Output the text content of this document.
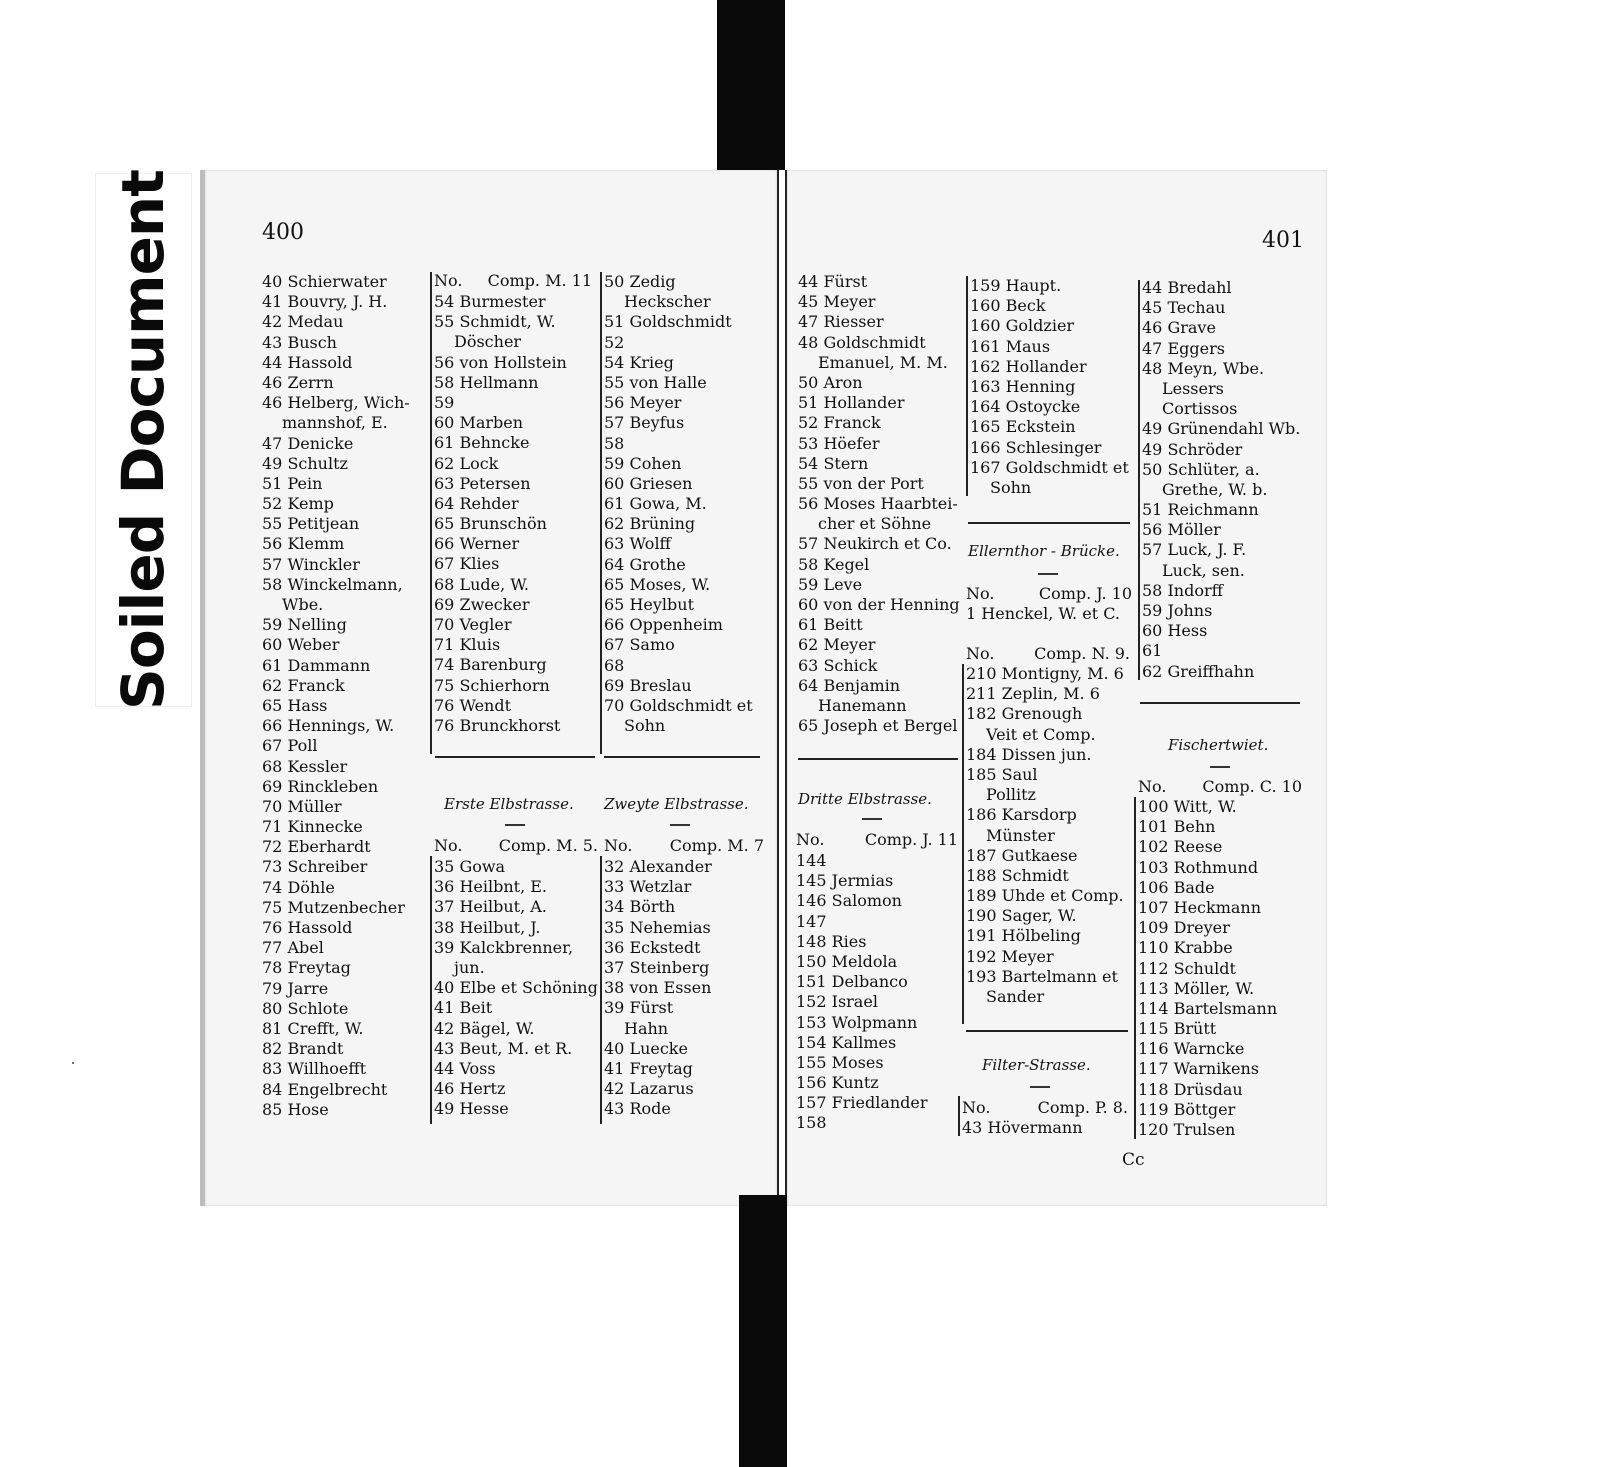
Soiled Document	400	401
40 Schierwater
41 Bouvry, J. H.
42 Medau
43 Busch
44 Hassold
46 Zerrn
46 Helberg, Wich-
mannshof, E.
47 Denicke
49 Schultz
51 Pein
52 Kemp
55 Petitjean
56 Klemm
57 Winckler
58 Winckelmann,
Wbe.
59 Nelling
60 Weber
61 Dammann
62 Franck
65 Hass
66 Hennings, W.
67 Poll
68 Kessler
69 Rinckleben
70 Müller
71 Kinnecke
72 Eberhardt
73 Schreiber
74 Döhle
75 Mutzenbecher
76 Hassold
77 Abel
78 Freytag
79 Jarre
80 Schlote
81 Crefft, W.
82 Brandt
83 Willhoefft
84 Engelbrecht
85 Hose
No. Comp. M. 11
54 Burmester
55 Schmidt, W.
Döscher
56 von Hollstein
58 Hellmann
59
60 Marben
61 Behncke
62 Lock
63 Petersen
64 Rehder
65 Brunschön
66 Werner
67 Klies
68 Lude, W.
69 Zwecker
70 Vegler
71 Kluis
74 Barenburg
75 Schierhorn
76 Wendt
76 Brunckhorst
50 Zedig
Heckscher
51 Goldschmidt
52
54 Krieg
55 von Halle
56 Meyer
57 Beyfus
58
59 Cohen
60 Griesen
61 Gowa, M.
62 Brüning
63 Wolff
64 Grothe
65 Moses, W.
65 Heylbut
66 Oppenheim
67 Samo
68
69 Breslau
70 Goldschmidt et
Sohn
Erste Elbstrasse.
No. Comp. M. 5.
35 Gowa
36 Heilbnt, E.
37 Heilbut, A.
38 Heilbut, J.
39 Kalckbrenner,
jun.
40 Elbe et Schöning
41 Beit
42 Bägel, W.
43 Beut, M. et R.
44 Voss
46 Hertz
49 Hesse
Zweyte Elbstrasse.
No. Comp. M. 7
32 Alexander
33 Wetzlar
34 Börth
35 Nehemias
36 Eckstedt
37 Steinberg
38 von Essen
39 Fürst
Hahn
40 Luecke
41 Freytag
42 Lazarus
43 Rode
44 Fürst
45 Meyer
47 Riesser
48 Goldschmidt
Emanuel, M. M.
50 Aron
51 Hollander
52 Franck
53 Höefer
54 Stern
55 von der Port
56 Moses Haarbtei-
cher et Söhne
57 Neukirch et Co.
58 Kegel
59 Leve
60 von der Henning
61 Beitt
62 Meyer
63 Schick
64 Benjamin
Hanemann
65 Joseph et Bergel
Dritte Elbstrasse.
No.	Comp. J. 11
144
145 Jermias
146 Salomon
147
148 Ries
150 Meldola
151 Delbanco
152 Israel
153 Wolpmann
154 Kallmes
155 Moses
156 Kuntz
157 Friedlander
158
159 Haupt.
160 Beck
160 Goldzier
161 Maus
162 Hollander
163 Henning
164 Ostoycke
165 Eckstein
166 Schlesinger
167 Goldschmidt et
Sohn
Ellernthor - Brücke.
No.	Comp. J. 10
1 Henckel, W. et C.
No. Comp. N. 9.
210 Montigny, M. 6
211 Zeplin, M. 6
182 Grenough
Veit et Comp.
184 Dissen jun.
185 Saul
Pollitz
186 Karsdorp
Münster
187 Gutkaese
188 Schmidt
189 Uhde et Comp.
190 Sager, W.
191 Hölbeling
192 Meyer
193 Bartelmann et
Sander
Filter-Strasse.
No.	Comp. P. 8.
43 Hövermann
44 Bredahl
45 Techau
46 Grave
47 Eggers
48 Meyn, Wbe.
Lessers
Cortissos
49 Grünendahl Wb.
49 Schröder
50 Schlüter, a.
Grethe, W. b.
51 Reichmann
56 Möller
57 Luck, J. F.
Luck, sen.
58 Indorff
59 Johns
60 Hess
61
62 Greiffhahn
Fischertwiet.
No. Comp. C. 10
100 Witt, W.
101 Behn
102 Reese
103 Rothmund
106 Bade
107 Heckmann
109 Dreyer
110 Krabbe
112 Schuldt
113 Möller, W.
114 Bartelsmann
115 Brütt
116 Warncke
117 Warnikens
118 Drüsdau
119 Böttger
120 Trulsen
Cc
